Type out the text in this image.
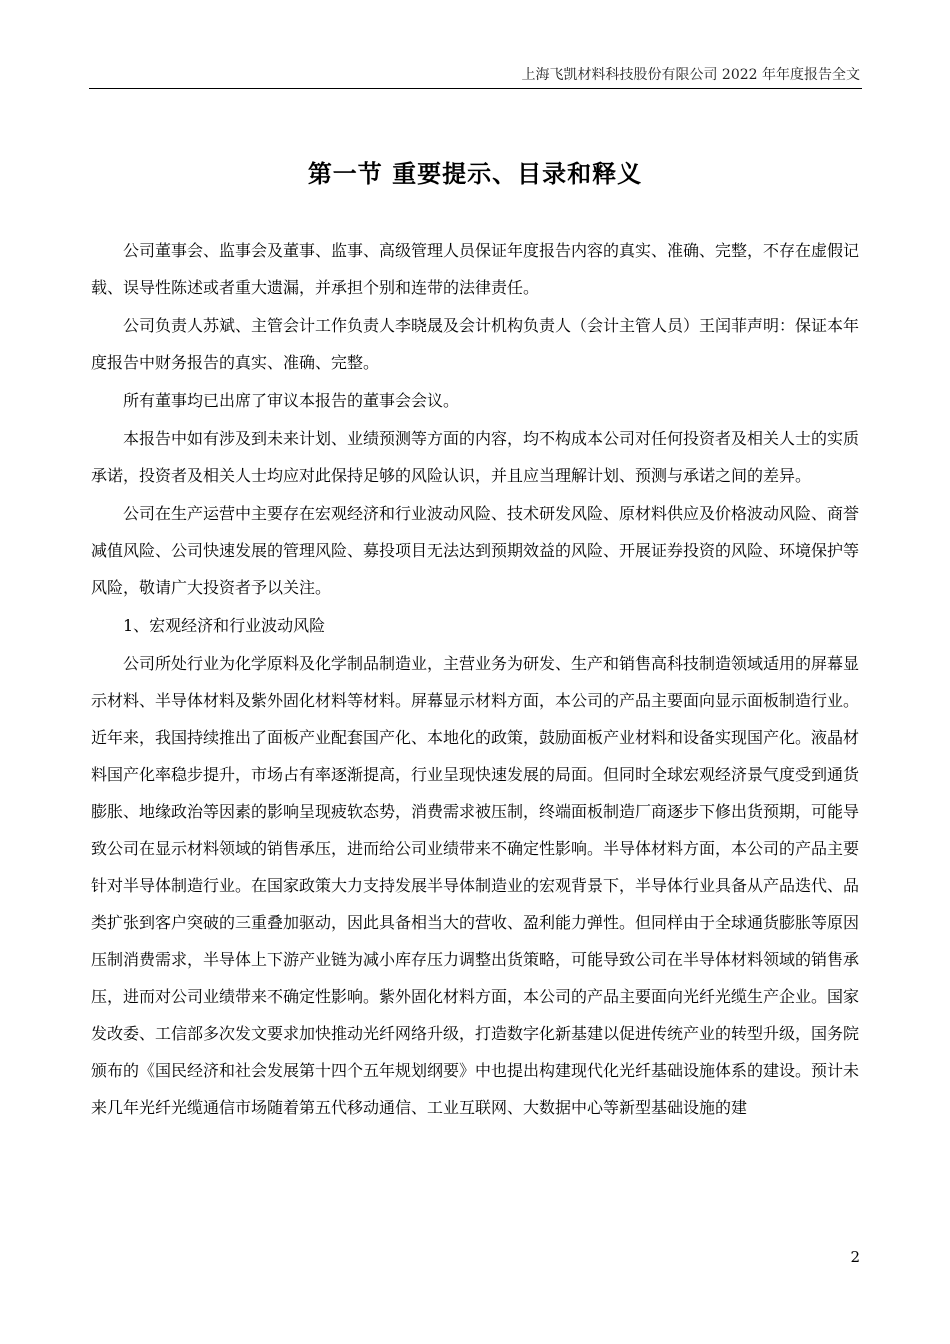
上海飞凯材料科技股份有限公司 2022 年年度报告全文
第一节 重要提示、目录和释义

公司董事会、监事会及董事、监事、高级管理人员保证年度报告内容的真实、准确、完整，不存在虚假记载、误导性陈述或者重大遗漏，并承担个别和连带的法律责任。

公司负责人苏斌、主管会计工作负责人李晓晟及会计机构负责人（会计主管人员）王闰菲声明：保证本年度报告中财务报告的真实、准确、完整。

所有董事均已出席了审议本报告的董事会会议。

本报告中如有涉及到未来计划、业绩预测等方面的内容，均不构成本公司对任何投资者及相关人士的实质承诺，投资者及相关人士均应对此保持足够的风险认识，并且应当理解计划、预测与承诺之间的差异。

公司在生产运营中主要存在宏观经济和行业波动风险、技术研发风险、原材料供应及价格波动风险、商誉减值风险、公司快速发展的管理风险、募投项目无法达到预期效益的风险、开展证券投资的风险、环境保护等风险，敬请广大投资者予以关注。

1、宏观经济和行业波动风险

公司所处行业为化学原料及化学制品制造业，主营业务为研发、生产和销售高科技制造领域适用的屏幕显示材料、半导体材料及紫外固化材料等材料。屏幕显示材料方面，本公司的产品主要面向显示面板制造行业。近年来，我国持续推出了面板产业配套国产化、本地化的政策，鼓励面板产业材料和设备实现国产化。液晶材料国产化率稳步提升，市场占有率逐渐提高，行业呈现快速发展的局面。但同时全球宏观经济景气度受到通货膨胀、地缘政治等因素的影响呈现疲软态势，消费需求被压制，终端面板制造厂商逐步下修出货预期，可能导致公司在显示材料领域的销售承压，进而给公司业绩带来不确定性影响。半导体材料方面，本公司的产品主要针对半导体制造行业。在国家政策大力支持发展半导体制造业的宏观背景下，半导体行业具备从产品迭代、品类扩张到客户突破的三重叠加驱动，因此具备相当大的营收、盈利能力弹性。但同样由于全球通货膨胀等原因压制消费需求，半导体上下游产业链为减小库存压力调整出货策略，可能导致公司在半导体材料领域的销售承压，进而对公司业绩带来不确定性影响。紫外固化材料方面，本公司的产品主要面向光纤光缆生产企业。国家发改委、工信部多次发文要求加快推动光纤网络升级，打造数字化新基建以促进传统产业的转型升级，国务院颁布的《国民经济和社会发展第十四个五年规划纲要》中也提出构建现代化光纤基础设施体系的建设。预计未来几年光纤光缆通信市场随着第五代移动通信、工业互联网、大数据中心等新型基础设施的建

2
